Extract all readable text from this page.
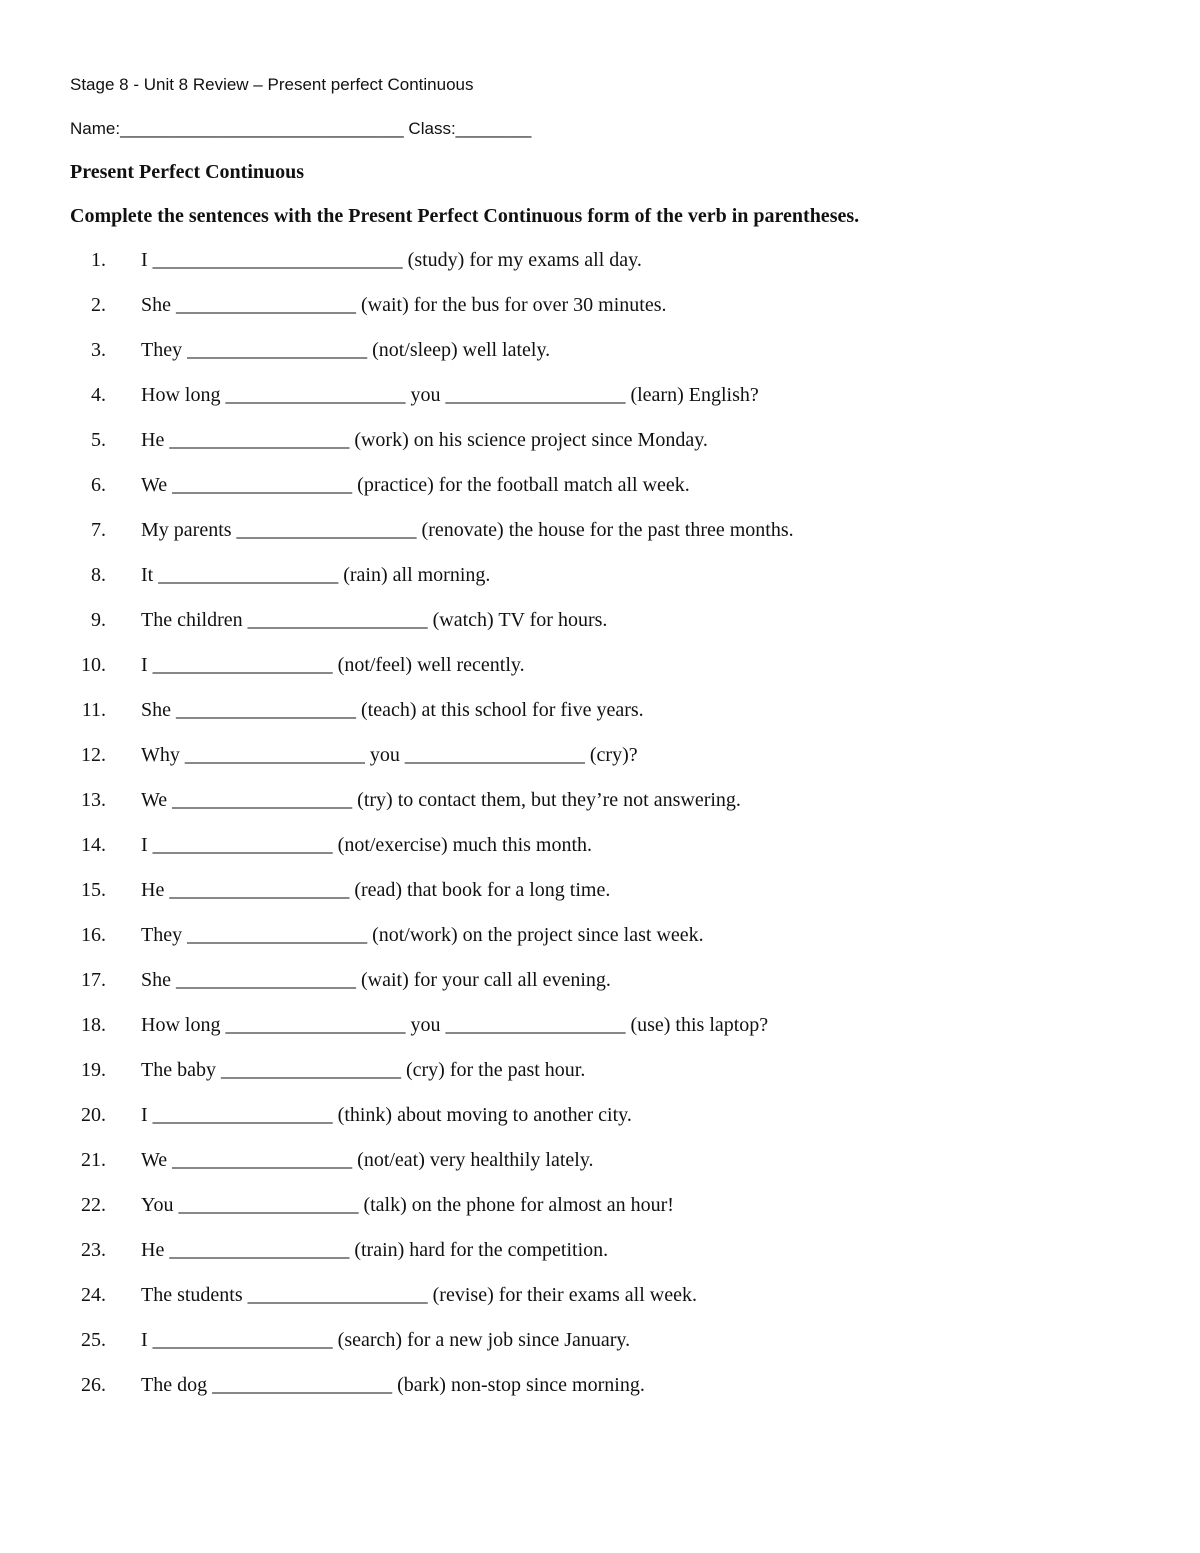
Stage 8 - Unit 8 Review – Present perfect Continuous

Name:______________________________ Class:________

Present Perfect Continuous

Complete the sentences with the Present Perfect Continuous form of the verb in parentheses.

1. I _________________________ (study) for my exams all day.
2. She __________________ (wait) for the bus for over 30 minutes.
3. They __________________ (not/sleep) well lately.
4. How long __________________ you __________________ (learn) English?
5. He __________________ (work) on his science project since Monday.
6. We __________________ (practice) for the football match all week.
7. My parents __________________ (renovate) the house for the past three months.
8. It __________________ (rain) all morning.
9. The children __________________ (watch) TV for hours.
10. I __________________ (not/feel) well recently.
11. She __________________ (teach) at this school for five years.
12. Why __________________ you __________________ (cry)?
13. We __________________ (try) to contact them, but they’re not answering.
14. I __________________ (not/exercise) much this month.
15. He __________________ (read) that book for a long time.
16. They __________________ (not/work) on the project since last week.
17. She __________________ (wait) for your call all evening.
18. How long __________________ you __________________ (use) this laptop?
19. The baby __________________ (cry) for the past hour.
20. I __________________ (think) about moving to another city.
21. We __________________ (not/eat) very healthily lately.
22. You __________________ (talk) on the phone for almost an hour!
23. He __________________ (train) hard for the competition.
24. The students __________________ (revise) for their exams all week.
25. I __________________ (search) for a new job since January.
26. The dog __________________ (bark) non-stop since morning.
